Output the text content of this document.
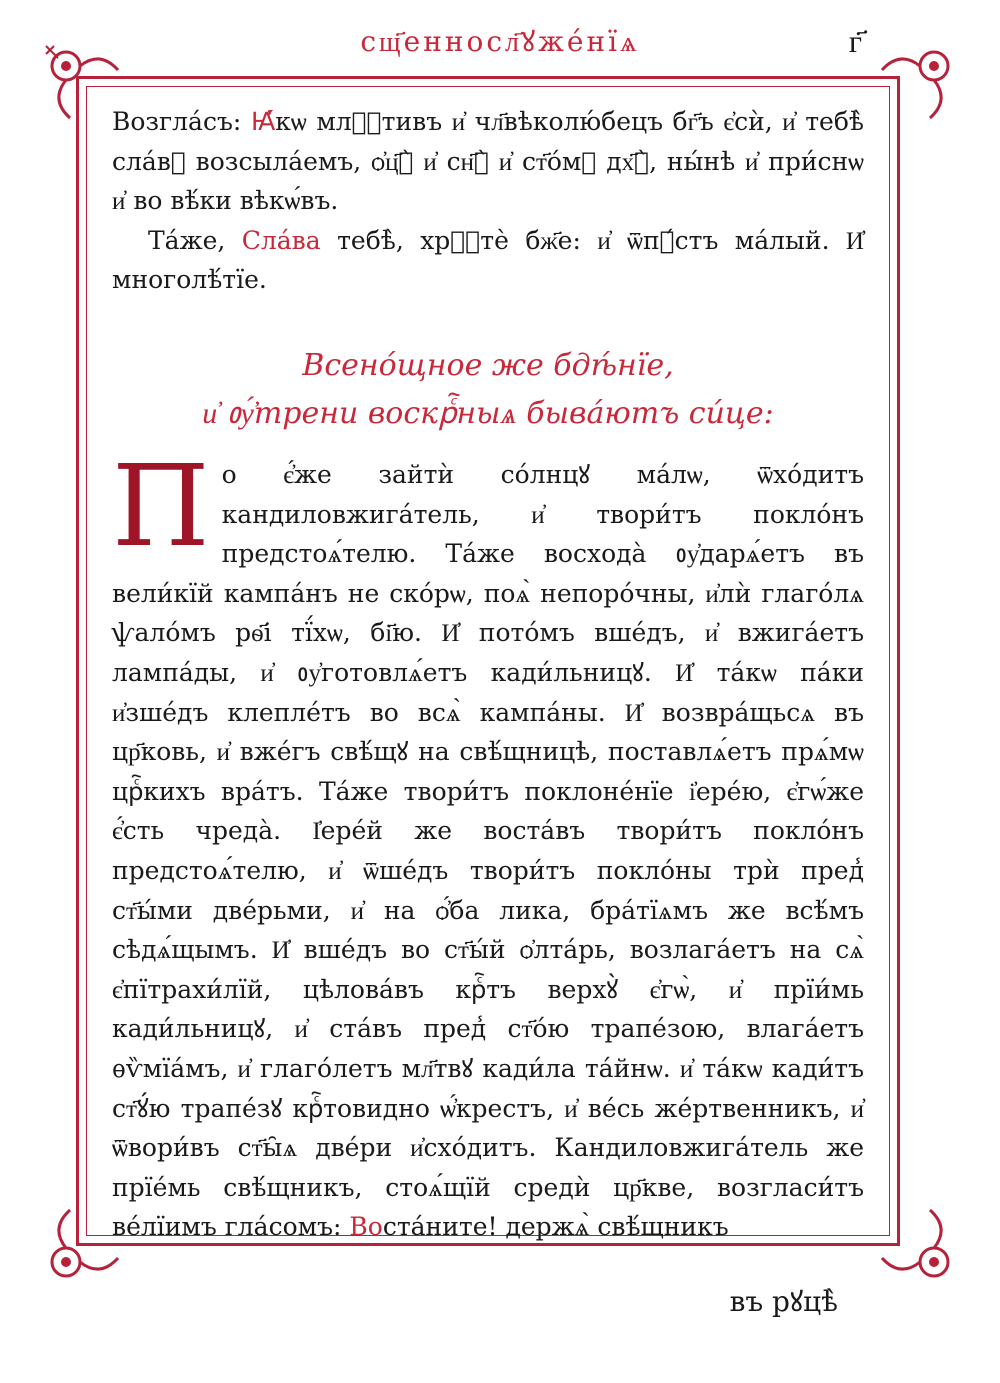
сщ҃енносл҃ꙋже́нїѧ	г҃
Возгла́съ: Ꙗ҆́кѡ млⷭ҇тивъ и҆ чл҃вѣколю́бецъ бг҃ъ є҆сѝ, и҆ тебѣ̀ сла́вꙋ возсыла́емъ, ѻ҆ц҃ꙋ̀ и҆ сн҃ꙋ̀ и҆ ст҃о́мꙋ дх҃ꙋ̀, ны́нѣ и҆ при́снѡ и҆ во вѣ́ки вѣкѡ́въ.
Та́же, Сла́ва тебѣ̀, хрⷭ҇тѐ бж҃е: и҆ ѿпꙋ́стъ ма́лый. И҆ многолѣ́тїе.
Всено́щное же бдѣ́нїе,
и҆ ᲂу҆́трени воскрⷭ҇ныѧ быва́ютъ си́це:
По є҆́же зайтѝ со́лнцꙋ ма́лѡ, ѿхо́дитъ кандиловжига́тель, и҆ твори́тъ покло́нъ предстоѧ́телю. Та́же восхода̀ ᲂу҆дарѧ́етъ въ вели́кїй кампа́нъ не ско́рѡ, поѧ̀ непоро́чны, и҆лѝ глаго́лѧ ѱало́мъ рѳ҃і тї́хѡ, бі҃ю. И҆ пото́мъ вше́дъ, и҆ вжига́етъ лампа́ды, и҆ ᲂу҆готовлѧ́етъ кади́льницꙋ. И҆ та́кѡ па́ки и҆зше́дъ клепле́тъ во всѧ̀ кампа́ны. И҆ возвра́щьсѧ въ цр҃ковь, и҆ вже́гъ свѣ́щꙋ на свѣ́щницѣ, поставлѧ́етъ прѧ́мѡ црⷭ҇кихъ вра́тъ. Та́же твори́тъ поклоне́нїе і҆ере́ю, є҆гѡ́же є҆́сть чреда̀. І҆ере́й же воста́въ твори́тъ покло́нъ предстоѧ́телю, и҆ ѿше́дъ твори́тъ покло́ны трѝ пред̾ ст҃ы́ми две́рьми, и҆ на ѻ҆́ба лика, бра́тїѧмъ же всѣ́мъ сѣдѧ́щымъ. И҆ вше́дъ во ст҃ы́й ѻ҆лта́рь, возлага́етъ на сѧ̀ є҆пїтрахи́лїй, цѣлова́въ крⷭ҇тъ верхꙋ̀ є҆гѡ̀, и҆ прїи́мь кади́льницꙋ, и҆ ста́въ пред̾ ст҃о́ю трапе́зою, влага́етъ ѳѷмїа́мъ, и҆ глаго́летъ мл҃твꙋ кади́ла та́йнѡ. и҆ та́кѡ кади́тъ ст҃ꙋ́ю трапе́зꙋ крⷭ҇товидно ѡ҆́крестъ, и҆ ве́сь же́ртвенникъ, и҆ ѿвори́въ ст҃ы̑ѧ две́ри и҆схо́дитъ. Кандиловжига́тель же прїе́мь свѣ́щникъ, стоѧ́щїй средѝ цр҃кве, возгласи́тъ ве́лїимъ гла́сомъ: Воста́ните! держѧ̀ свѣ́щникъ
въ рꙋцѣ̀
